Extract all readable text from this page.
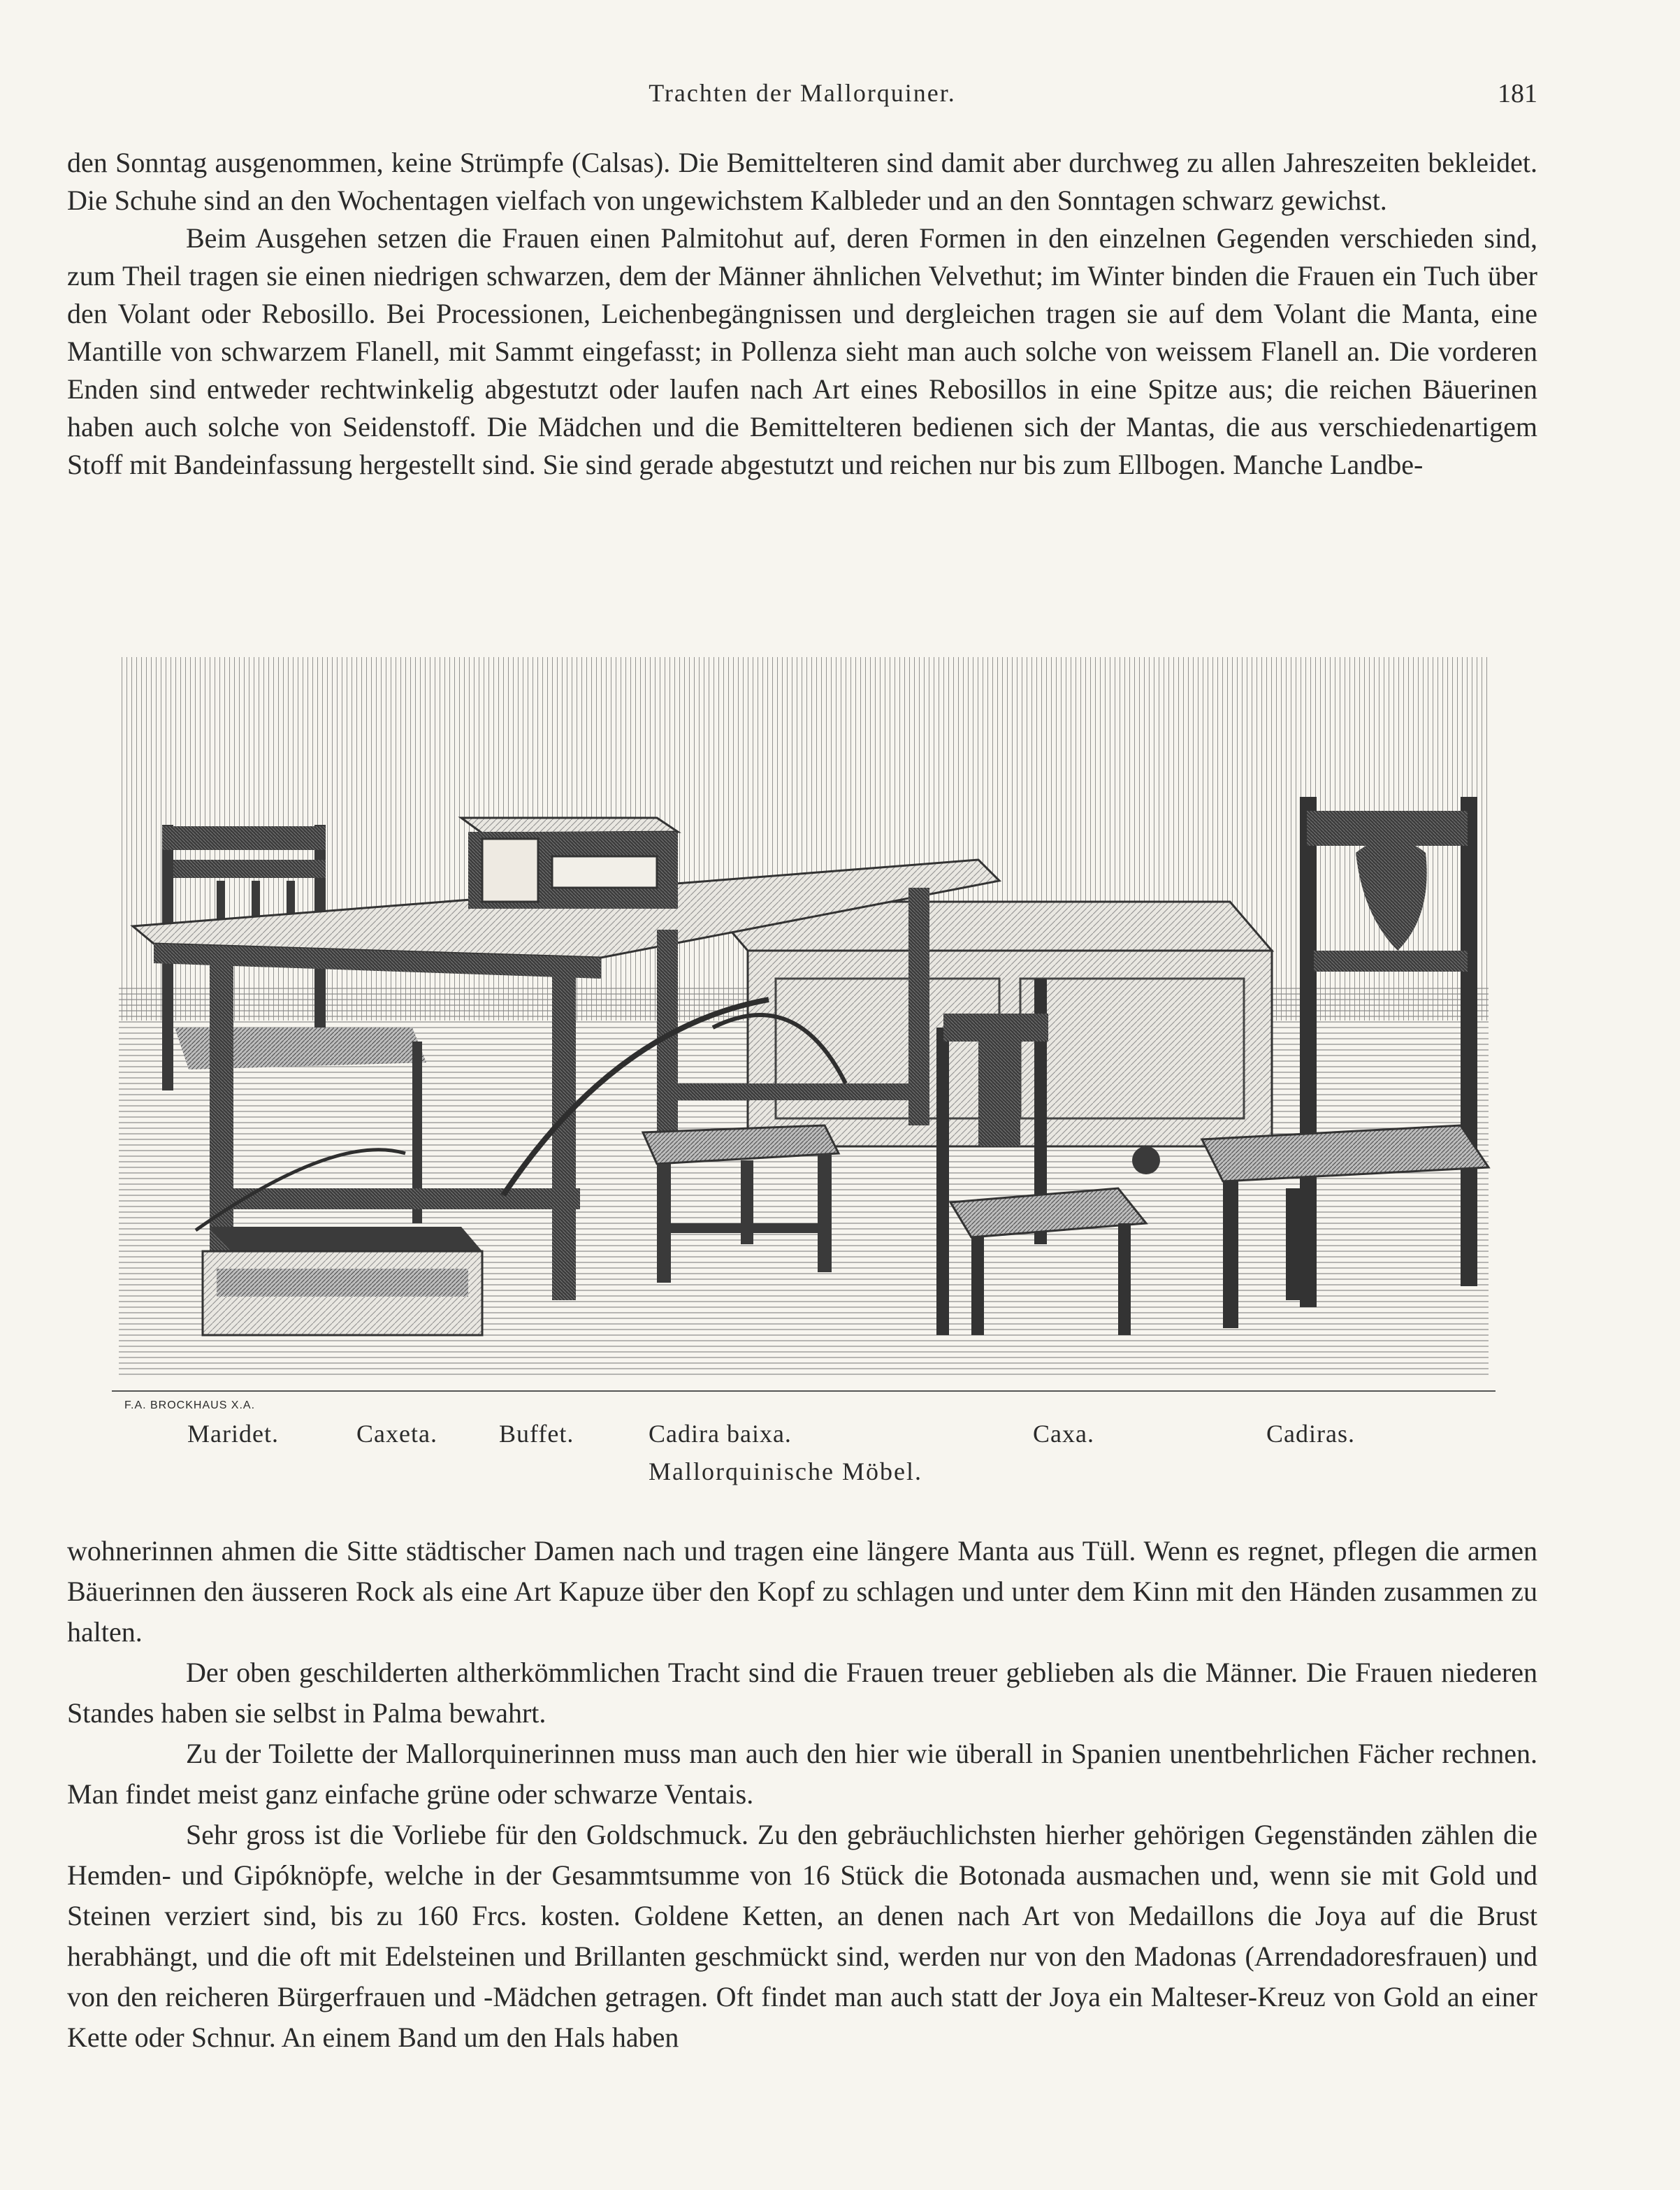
Trachten der Mallorquiner.	181

den Sonntag ausgenommen, keine Strümpfe (Calsas). Die Bemittelteren sind damit aber durchweg zu allen Jahreszeiten bekleidet. Die Schuhe sind an den Wochentagen vielfach von ungewichstem Kalbleder und an den Sonntagen schwarz gewichst.

Beim Ausgehen setzen die Frauen einen Palmitohut auf, deren Formen in den einzelnen Gegenden verschieden sind, zum Theil tragen sie einen niedrigen schwarzen, dem der Männer ähnlichen Velvethut; im Winter binden die Frauen ein Tuch über den Volant oder Rebosillo. Bei Processionen, Leichenbegängnissen und dergleichen tragen sie auf dem Volant die Manta, eine Mantille von schwarzem Flanell, mit Sammt eingefasst; in Pollenza sieht man auch solche von weissem Flanell an. Die vorderen Enden sind entweder rechtwinkelig abgestutzt oder laufen nach Art eines Rebosillos in eine Spitze aus; die reichen Bäuerinen haben auch solche von Seidenstoff. Die Mädchen und die Bemittelteren bedienen sich der Mantas, die aus verschiedenartigem Stoff mit Bandeinfassung hergestellt sind. Sie sind gerade abgestutzt und reichen nur bis zum Ellbogen. Manche Landbe-

F.A. BROCKHAUS X.A.
Maridet.	Caxeta. Buffet.	Cadira baixa.	Caxa.	Cadiras.
Mallorquinische Möbel.

wohnerinnen ahmen die Sitte städtischer Damen nach und tragen eine längere Manta aus Tüll. Wenn es regnet, pflegen die armen Bäuerinnen den äusseren Rock als eine Art Kapuze über den Kopf zu schlagen und unter dem Kinn mit den Händen zusammen zu halten.

Der oben geschilderten altherkömmlichen Tracht sind die Frauen treuer geblieben als die Männer. Die Frauen niederen Standes haben sie selbst in Palma bewahrt.

Zu der Toilette der Mallorquinerinnen muss man auch den hier wie überall in Spanien unentbehrlichen Fächer rechnen. Man findet meist ganz einfache grüne oder schwarze Ventais.

Sehr gross ist die Vorliebe für den Goldschmuck. Zu den gebräuchlichsten hierher gehörigen Gegenständen zählen die Hemden- und Gipóknöpfe, welche in der Gesammtsumme von 16 Stück die Botonada ausmachen und, wenn sie mit Gold und Steinen verziert sind, bis zu 160 Frcs. kosten. Goldene Ketten, an denen nach Art von Medaillons die Joya auf die Brust herabhängt, und die oft mit Edelsteinen und Brillanten geschmückt sind, werden nur von den Madonas (Arrendadoresfrauen) und von den reicheren Bürgerfrauen und -Mädchen getragen. Oft findet man auch statt der Joya ein Malteser-Kreuz von Gold an einer Kette oder Schnur. An einem Band um den Hals haben
